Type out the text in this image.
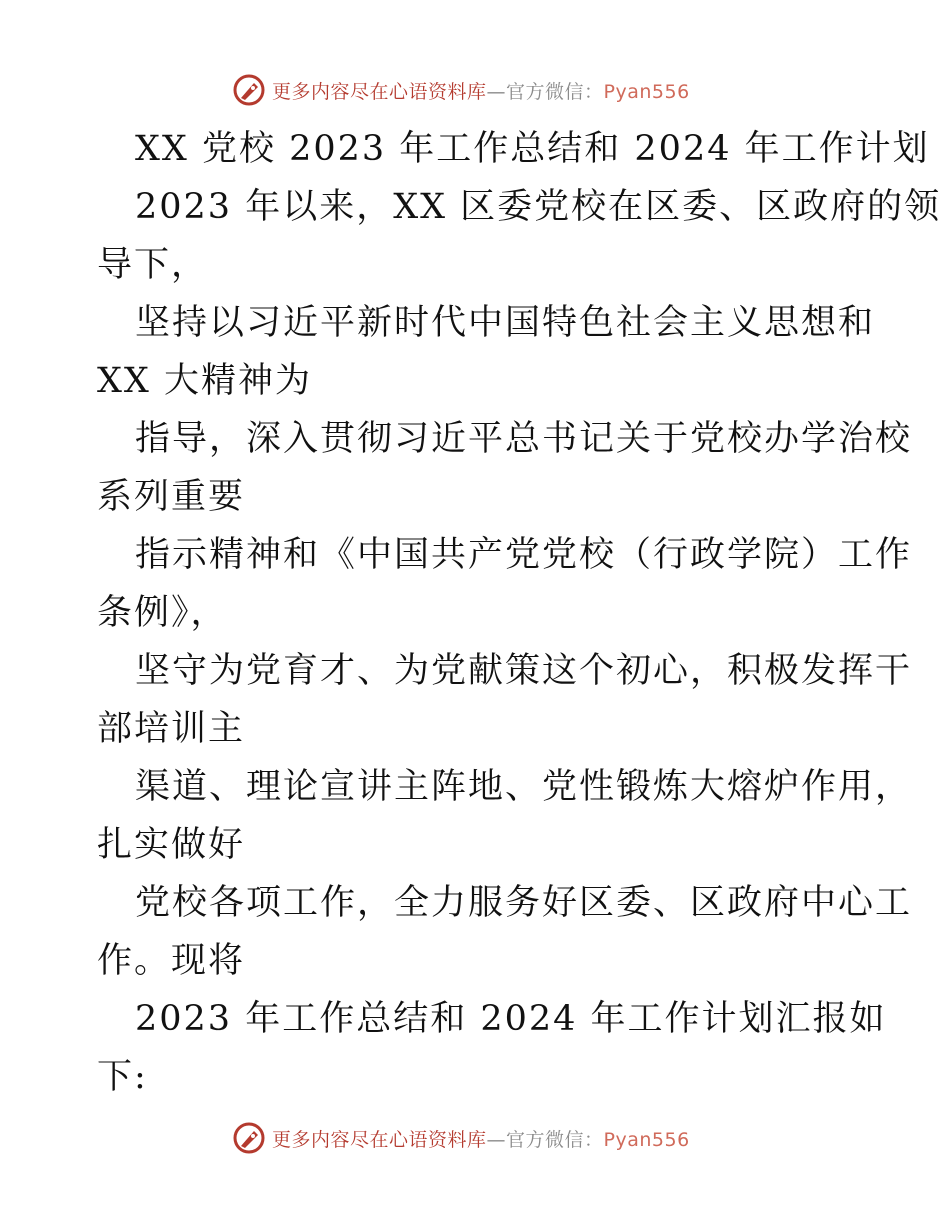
更多内容尽在心语资料库—官方微信：Pyan556
XX 党校 2023 年工作总结和 2024 年工作计划
2023 年以来，XX 区委党校在区委、区政府的领
导下，
坚持以习近平新时代中国特色社会主义思想和
XX 大精神为
指导，深入贯彻习近平总书记关于党校办学治校
系列重要
指示精神和《中国共产党党校（行政学院）工作
条例》，
坚守为党育才、为党献策这个初心，积极发挥干
部培训主
渠道、理论宣讲主阵地、党性锻炼大熔炉作用，
扎实做好
党校各项工作，全力服务好区委、区政府中心工
作。现将
2023 年工作总结和 2024 年工作计划汇报如
下:
更多内容尽在心语资料库—官方微信：Pyan556
